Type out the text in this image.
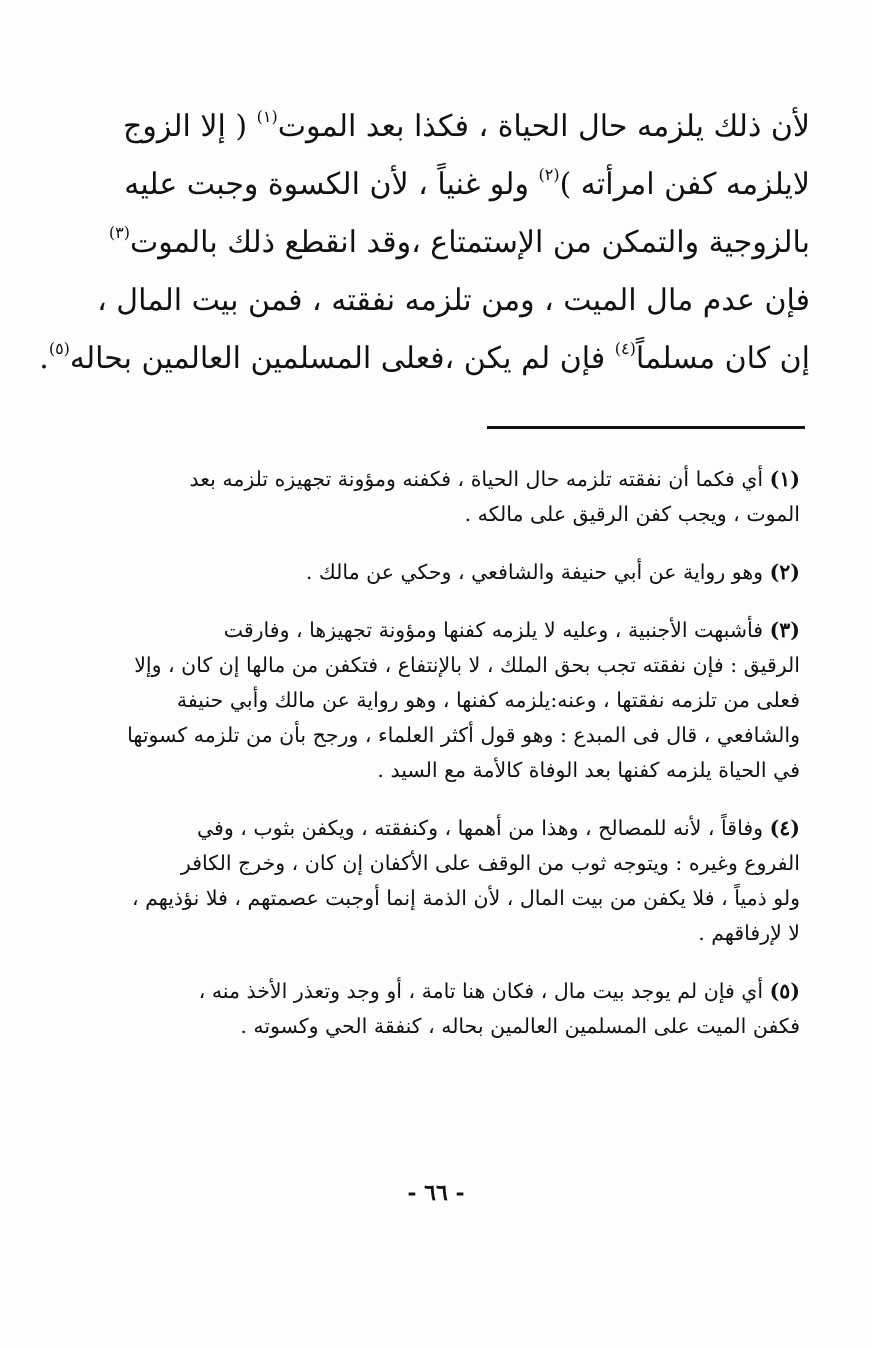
لأن ذلك يلزمه حال الحياة ، فكذا بعد الموت$^{(١)}$ ( إلا الزوج
لايلزمه كفن امرأته )$^{(٢)}$ ولو غنياً ، لأن الكسوة وجبت عليه
بالزوجية والتمكن من الإستمتاع ،وقد انقطع ذلك بالموت$^{(٣)}$
فإن عدم مال الميت ، ومن تلزمه نفقته ، فمن بيت المال ،
إن كان مسلماً$^{(٤)}$ فإن لم يكن ،فعلى المسلمين العالمين بحاله$^{(٥)}$.
(١) أي فكما أن نفقته تلزمه حال الحياة ، فكفنه ومؤونة تجهيزه تلزمه بعد
الموت ، ويجب كفن الرقيق على مالكه .
(٢) وهو رواية عن أبي حنيفة والشافعي ، وحكي عن مالك .
(٣) فأشبهت الأجنبية ، وعليه لا يلزمه كفنها ومؤونة تجهيزها ، وفارقت
الرقيق : فإن نفقته تجب بحق الملك ، لا بالإنتفاع ، فتكفن من مالها إن كان ، وإلا
فعلى من تلزمه نفقتها ، وعنه:يلزمه كفنها ، وهو رواية عن مالك وأبي حنيفة
والشافعي ، قال فى المبدع : وهو قول أكثر العلماء ، ورجح بأن من تلزمه كسوتها
في الحياة يلزمه كفنها بعد الوفاة كالأمة مع السيد .
(٤) وفاقاً ، لأنه للمصالح ، وهذا من أهمها ، وكنفقته ، ويكفن بثوب ، وفي
الفروع وغيره : ويتوجه ثوب من الوقف على الأكفان إن كان ، وخرج الكافر
ولو ذمياً ، فلا يكفن من بيت المال ، لأن الذمة إنما أوجبت عصمتهم ، فلا نؤذيهم ،
لا لإرفاقهم .
(٥) أي فإن لم يوجد بيت مال ، فكان هنا تامة ، أو وجد وتعذر الأخذ منه ،
فكفن الميت على المسلمين العالمين بحاله ، كنفقة الحي وكسوته .
- ٦٦ -
